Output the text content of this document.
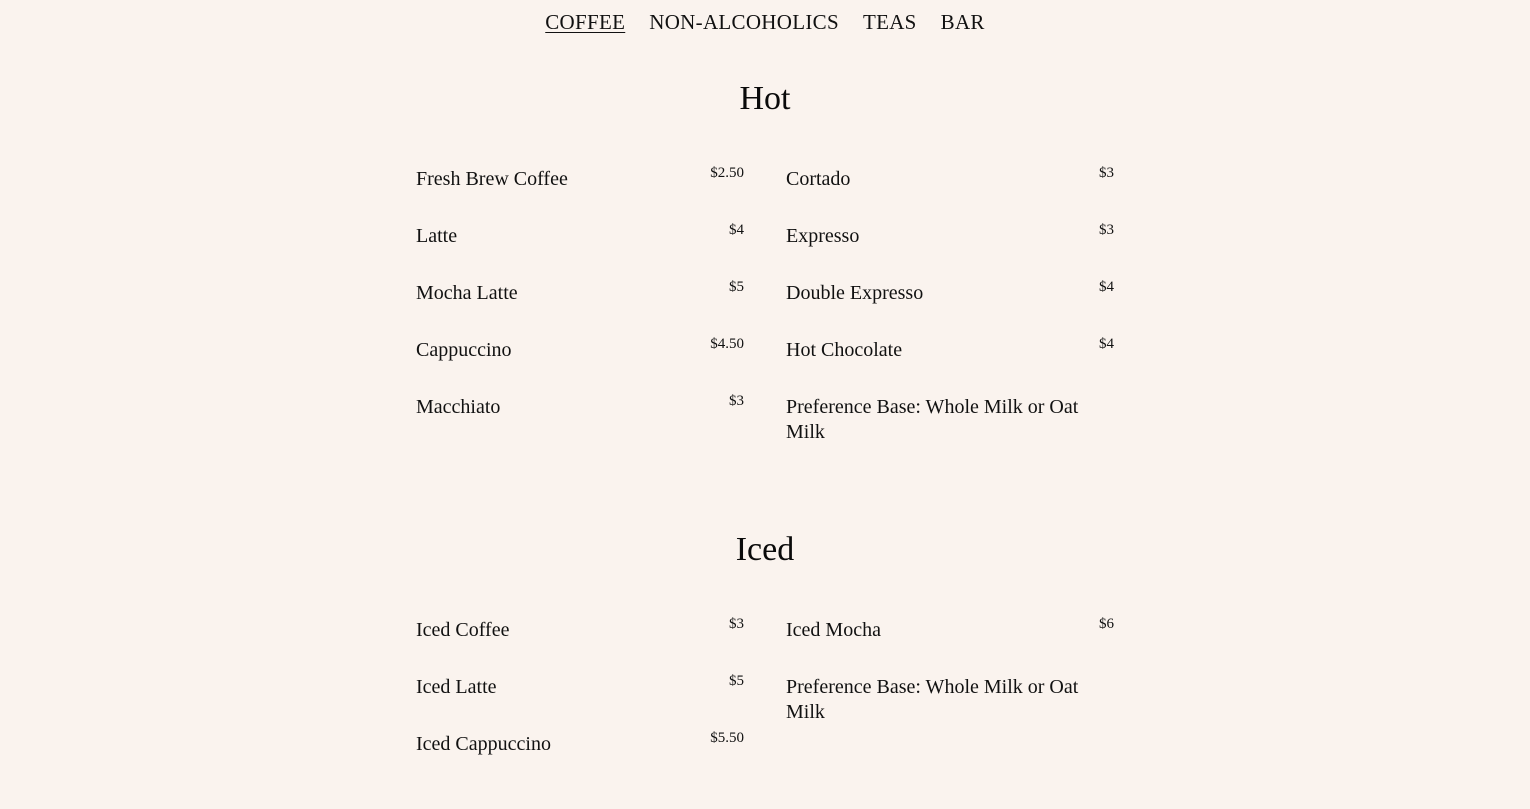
COFFEE NON-ALCOHOLICS TEAS BAR
Hot
Fresh Brew Coffee	$2.50
Latte	$4
Mocha Latte	$5
Cappuccino	$4.50
Macchiato	$3
Cortado	$3
Expresso	$3
Double Expresso	$4
Hot Chocolate	$4
Preference Base: Whole Milk or Oat Milk
Iced
Iced Coffee	$3
Iced Latte	$5
Iced Cappuccino	$5.50
Iced Mocha	$6
Preference Base: Whole Milk or Oat Milk
